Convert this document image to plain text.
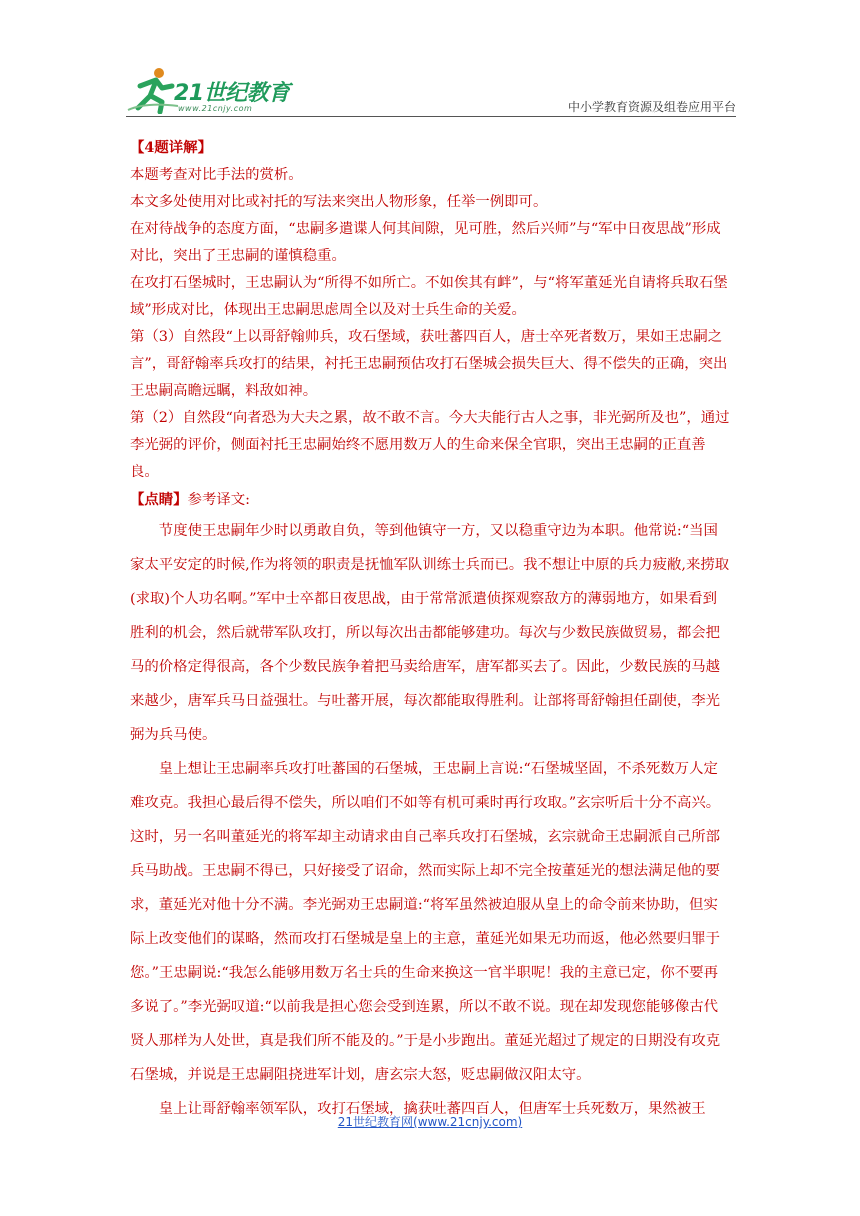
21世纪教育
www.21cnjy.com	中小学教育资源及组卷应用平台

【4题详解】

本题考查对比手法的赏析。

本文多处使用对比或衬托的写法来突出人物形象，任举一例即可。

在对待战争的态度方面，“忠嗣多遣谍人何其间隙，见可胜，然后兴师”与“军中日夜思战”形成对比，突出了王忠嗣的谨慎稳重。

在攻打石堡城时，王忠嗣认为“所得不如所亡。不如俟其有衅”，与“将军董延光自请将兵取石堡域”形成对比，体现出王忠嗣思虑周全以及对士兵生命的关爱。

第（3）自然段“上以哥舒翰帅兵，攻石堡域，获吐蕃四百人，唐士卒死者数万，果如王忠嗣之言”，哥舒翰率兵攻打的结果，衬托王忠嗣预估攻打石堡城会损失巨大、得不偿失的正确，突出王忠嗣高瞻远瞩，料敌如神。

第（2）自然段“向者恐为大夫之累，故不敢不言。今大夫能行古人之事，非光弼所及也”，通过李光弼的评价，侧面衬托王忠嗣始终不愿用数万人的生命来保全官职，突出王忠嗣的正直善良。

【点睛】参考译文:

节度使王忠嗣年少时以勇敢自负，等到他镇守一方，又以稳重守边为本职。他常说:“当国家太平安定的时候,作为将领的职责是抚恤军队训练士兵而已。我不想让中原的兵力疲敝,来捞取(求取)个人功名啊。”军中士卒都日夜思战，由于常常派遣侦探观察敌方的薄弱地方，如果看到胜利的机会，然后就带军队攻打，所以每次出击都能够建功。每次与少数民族做贸易，都会把马的价格定得很高，各个少数民族争着把马卖给唐军，唐军都买去了。因此，少数民族的马越来越少，唐军兵马日益强壮。与吐蕃开展，每次都能取得胜利。让部将哥舒翰担任副使，李光弼为兵马使。

皇上想让王忠嗣率兵攻打吐蕃国的石堡城，王忠嗣上言说:“石堡城坚固，不杀死数万人定难攻克。我担心最后得不偿失，所以咱们不如等有机可乘时再行攻取。”玄宗听后十分不高兴。这时，另一名叫董延光的将军却主动请求由自己率兵攻打石堡城，玄宗就命王忠嗣派自己所部兵马助战。王忠嗣不得已，只好接受了诏命，然而实际上却不完全按董延光的想法满足他的要求，董延光对他十分不满。李光弼劝王忠嗣道:“将军虽然被迫服从皇上的命令前来协助，但实际上改变他们的谋略，然而攻打石堡城是皇上的主意，董延光如果无功而返，他必然要归罪于您。”王忠嗣说:“我怎么能够用数万名士兵的生命来换这一官半职呢！我的主意已定，你不要再多说了。”李光弼叹道:“以前我是担心您会受到连累，所以不敢不说。现在却发现您能够像古代贤人那样为人处世，真是我们所不能及的。”于是小步跑出。董延光超过了规定的日期没有攻克石堡城，并说是王忠嗣阻挠进军计划，唐玄宗大怒，贬忠嗣做汉阳太守。

皇上让哥舒翰率领军队，攻打石堡域，擒获吐蕃四百人，但唐军士兵死数万，果然被王

21世纪教育网(www.21cnjy.com)
